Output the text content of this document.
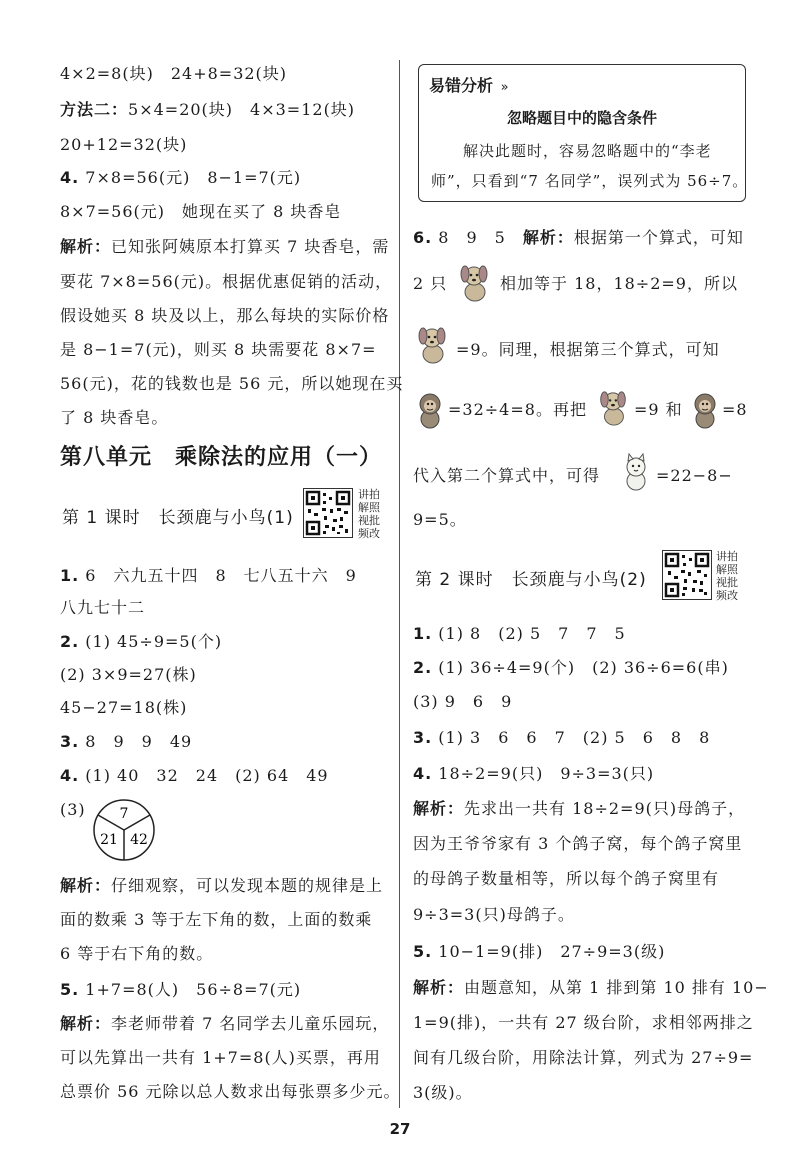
4×2=8(块)　24+8=32(块)
方法二：5×4=20(块)　4×3=12(块)
20+12=32(块)
4. 7×8=56(元)　8−1=7(元)
8×7=56(元)　她现在买了 8 块香皂
解析：已知张阿姨原本打算买 7 块香皂，需
要花 7×8=56(元)。根据优惠促销的活动，
假设她买 8 块及以上，那么每块的实际价格
是 8−1=7(元)，则买 8 块需要花 8×7=
56(元)，花的钱数也是 56 元，所以她现在买
了 8 块香皂。
第八单元　乘除法的应用（一）
第 1 课时　长颈鹿与小鸟(1)
讲拍解照视批频改
1. 6　六九五十四　8　七八五十六　9
八九七十二
2. (1) 45÷9=5(个)
(2) 3×9=27(株)
45−27=18(株)
3. 8　9　9　49
4. (1) 40　32　24　(2) 64　49
(3) 7
21 42
解析：仔细观察，可以发现本题的规律是上
面的数乘 3 等于左下角的数，上面的数乘
6 等于右下角的数。
5. 1+7=8(人)　56÷8=7(元)
解析：李老师带着 7 名同学去儿童乐园玩，
可以先算出一共有 1+7=8(人)买票，再用
总票价 56 元除以总人数求出每张票多少元。
易错分析 »
忽略题目中的隐含条件
解决此题时，容易忽略题中的“李老
师”，只看到“7 名同学”，误列式为 56÷7。
6. 8　9　5　解析：根据第一个算式，可知
2 只	相加等于 18，18÷2=9，所以
=9。同理，根据第三个算式，可知
=32÷4=8。再把	=9 和 =8
代入第二个算式中，可得	=22−8−
9=5。
第 2 课时　长颈鹿与小鸟(2)
讲拍解照视批频改
1. (1) 8　(2) 5　7　7　5
2. (1) 36÷4=9(个)　(2) 36÷6=6(串)
(3) 9　6　9
3. (1) 3　6　6　7　(2) 5　6　8　8
4. 18÷2=9(只)　9÷3=3(只)
解析：先求出一共有 18÷2=9(只)母鸽子，
因为王爷爷家有 3 个鸽子窝，每个鸽子窝里
的母鸽子数量相等，所以每个鸽子窝里有
9÷3=3(只)母鸽子。
5. 10−1=9(排)　27÷9=3(级)
解析：由题意知，从第 1 排到第 10 排有 10−
1=9(排)，一共有 27 级台阶，求相邻两排之
间有几级台阶，用除法计算，列式为 27÷9=
3(级)。
27
